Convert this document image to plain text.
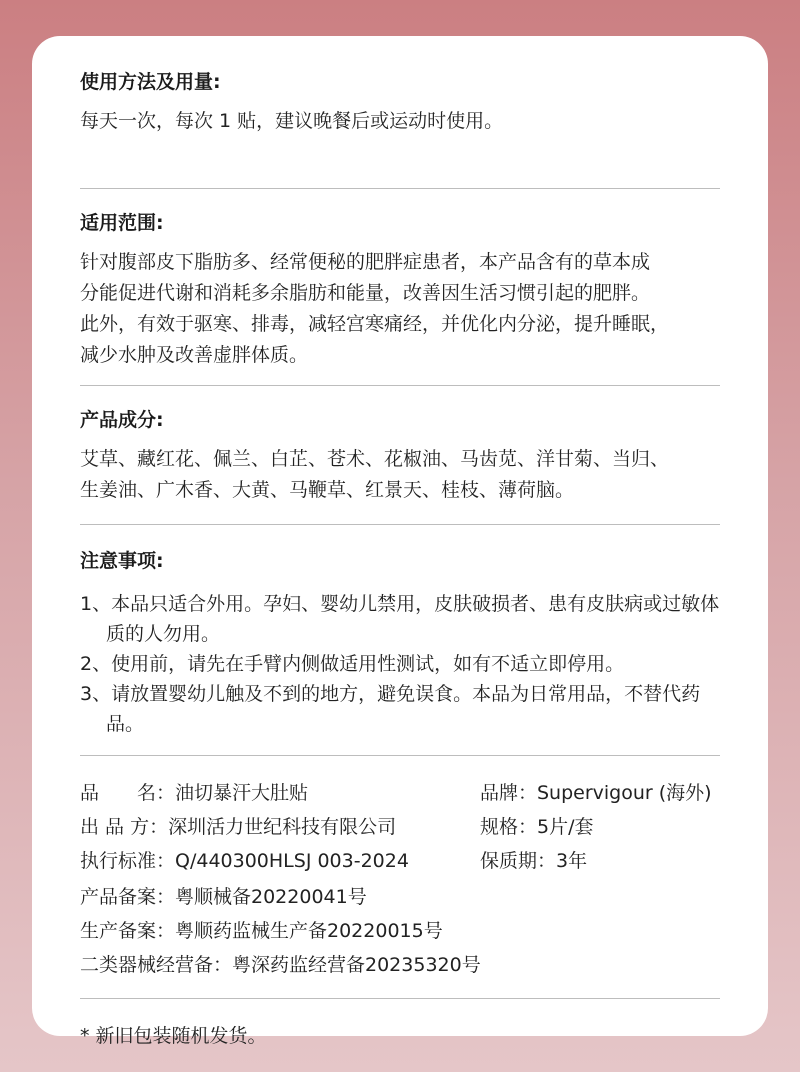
使用方法及用量:
每天一次，每次 1 贴，建议晚餐后或运动时使用。
适用范围:
针对腹部皮下脂肪多、经常便秘的肥胖症患者，本产品含有的草本成
分能促进代谢和消耗多余脂肪和能量，改善因生活习惯引起的肥胖。
此外，有效于驱寒、排毒，减轻宫寒痛经，并优化内分泌，提升睡眠，
减少水肿及改善虚胖体质。
产品成分:
艾草、藏红花、佩兰、白芷、苍术、花椒油、马齿苋、洋甘菊、当归、
生姜油、广木香、大黄、马鞭草、红景天、桂枝、薄荷脑。
注意事项:
1、本品只适合外用。孕妇、婴幼儿禁用，皮肤破损者、患有皮肤病或过敏体质的人勿用。
2、使用前，请先在手臂内侧做适用性测试，如有不适立即停用。
3、请放置婴幼儿触及不到的地方，避免误食。本品为日常用品，不替代药品。
品　　名：油切暴汗大肚贴	品牌：Supervigour (海外)
出 品 方：深圳活力世纪科技有限公司	规格：5片/套
执行标准：Q/440300HLSJ 003-2024	保质期：3年
产品备案：粤顺械备20220041号
生产备案：粤顺药监械生产备20220015号
二类器械经营备：粤深药监经营备20235320号
* 新旧包装随机发货。
